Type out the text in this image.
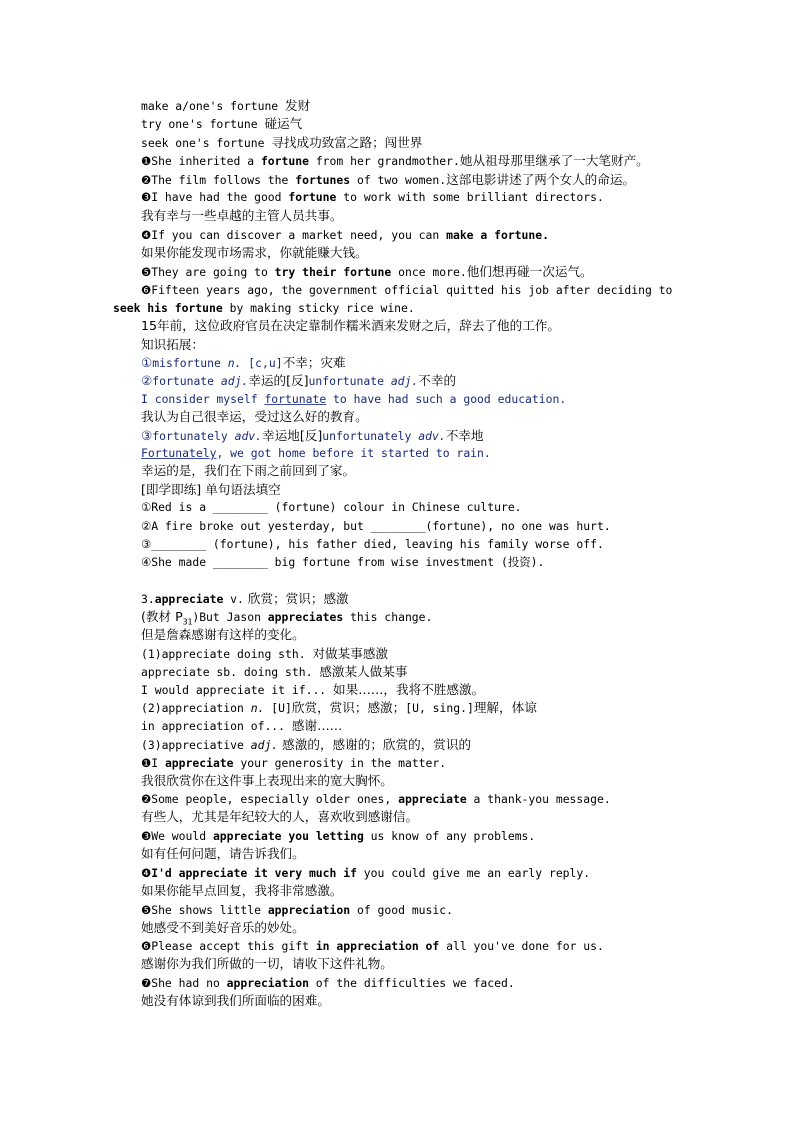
make a/one's fortune 发财
try one's fortune 碰运气
seek one's fortune 寻找成功致富之路；闯世界
❶She inherited a fortune from her grandmother.她从祖母那里继承了一大笔财产。
❷The film follows the fortunes of two women.这部电影讲述了两个女人的命运。
❸I have had the good fortune to work with some brilliant directors.
我有幸与一些卓越的主管人员共事。
❹If you can discover a market need, you can make a fortune.
如果你能发现市场需求，你就能赚大钱。
❺They are going to try their fortune once more.他们想再碰一次运气。
❻Fifteen years ago, the government official quitted his job after deciding to
seek his fortune by making sticky rice wine.
15年前，这位政府官员在决定靠制作糯米酒来发财之后，辞去了他的工作。
知识拓展：
①misfortune n. [c,u]不幸；灾难
②fortunate adj.幸运的[反]unfortunate adj.不幸的
I consider myself fortunate to have had such a good education.
我认为自己很幸运，受过这么好的教育。
③fortunately adv.幸运地[反]unfortunately adv.不幸地
Fortunately, we got home before it started to rain.
幸运的是，我们在下雨之前回到了家。
[即学即练] 单句语法填空
①Red is a ________ (fortune) colour in Chinese culture.
②A fire broke out yesterday, but ________(fortune), no one was hurt.
③________ (fortune), his father died, leaving his family worse off.
④She made ________ big fortune from wise investment (投资).
3.appreciate v. 欣赏；赏识；感激
(教材 $P_{31})But$ Jason appreciates this change.
但是詹森感谢有这样的变化。
(1)appreciate doing sth. 对做某事感激
appreciate sb. doing sth. 感激某人做某事
I would appreciate it if... 如果……，我将不胜感激。
(2)appreciation n. [U]欣赏，赏识；感激；[U, sing.]理解，体谅
in appreciation of... 感谢……
(3)appreciative adj. 感激的，感谢的；欣赏的，赏识的
❶I appreciate your generosity in the matter.
我很欣赏你在这件事上表现出来的宽大胸怀。
❷Some people, especially older ones, appreciate a thank-you message.
有些人，尤其是年纪较大的人，喜欢收到感谢信。
❸We would appreciate you letting us know of any problems.
如有任何问题，请告诉我们。
❹I'd appreciate it very much if you could give me an early reply.
如果你能早点回复，我将非常感激。
❺She shows little appreciation of good music.
她感受不到美好音乐的妙处。
❻Please accept this gift in appreciation of all you've done for us.
感谢你为我们所做的一切，请收下这件礼物。
❼She had no appreciation of the difficulties we faced.
她没有体谅到我们所面临的困难。
